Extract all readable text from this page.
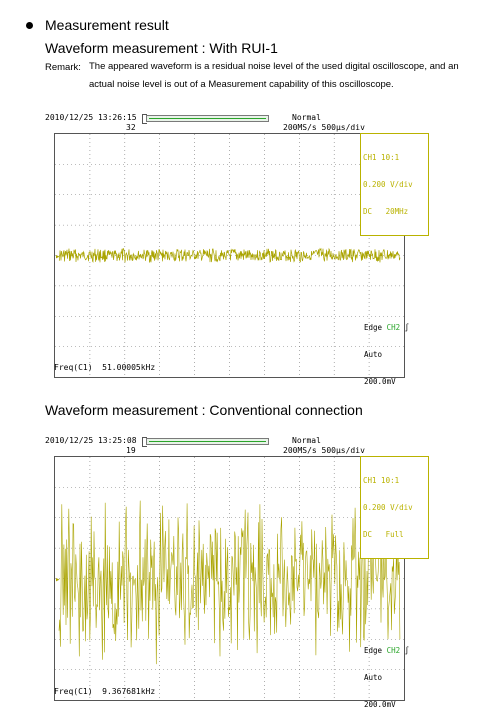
Measurement result
Waveform measurement : With RUI-1
Remark: The appeared waveform is a residual noise level of the used digital oscilloscope, and an actual noise level is out of a Measurement capability of this oscilloscope.
2010/12/25 13:26:15
32
Normal
200MS/s 500µs/div
▸

CH1 10:1

0.200 V/div

DC   20MHz

Edge CH2 ∫

Auto

200.0mV

Freq(C1) 51.00005kHz
Waveform measurement : Conventional connection
2010/12/25 13:25:08
19
Normal
200MS/s 500µs/div
▸

CH1 10:1

0.200 V/div

DC   Full

Edge CH2 ∫

Auto

200.0mV

Freq(C1) 9.367681kHz
